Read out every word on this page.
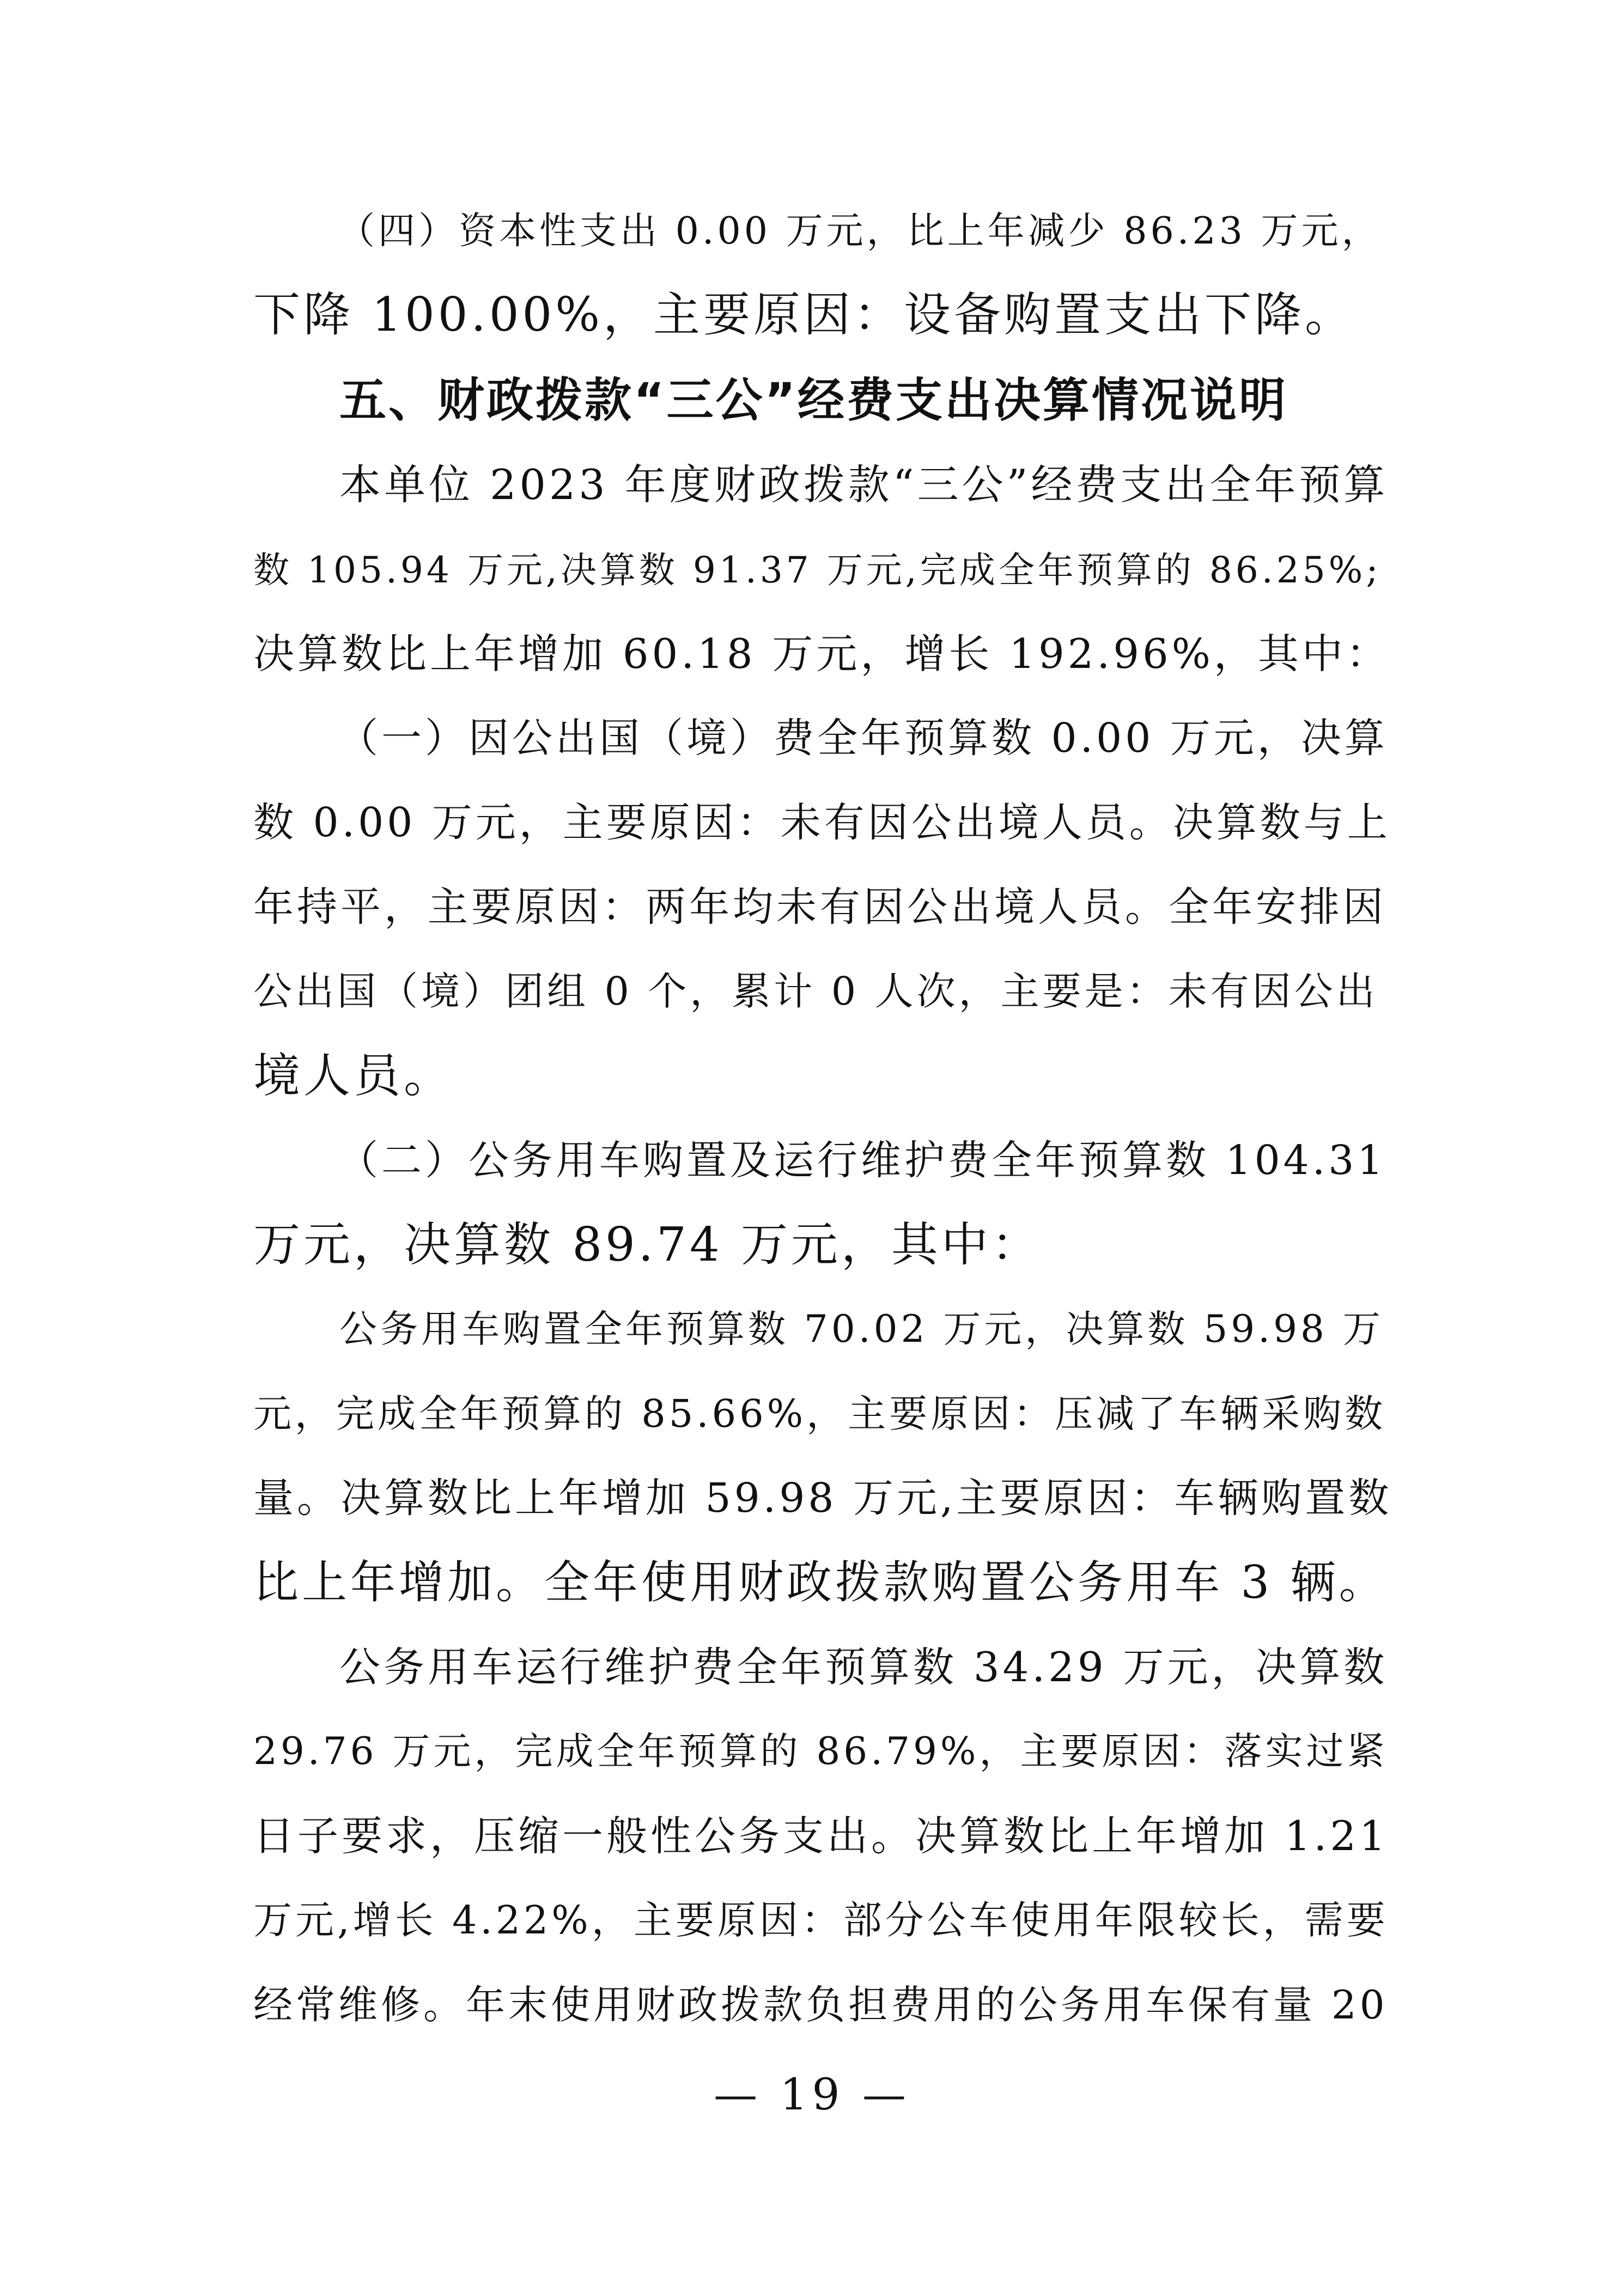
（四）资本性支出 0.00 万元，比上年减少 86.23 万元，
下降 100.00%，主要原因：设备购置支出下降。
五、财政拨款“三公”经费支出决算情况说明
本单位 2023 年度财政拨款“三公”经费支出全年预算
数 105.94 万元,决算数 91.37 万元,完成全年预算的 86.25%;
决算数比上年增加 60.18 万元，增长 192.96%，其中：
（一）因公出国（境）费全年预算数 0.00 万元，决算
数 0.00 万元，主要原因：未有因公出境人员。决算数与上
年持平，主要原因：两年均未有因公出境人员。全年安排因
公出国（境）团组 0 个，累计 0 人次，主要是：未有因公出
境人员。
（二）公务用车购置及运行维护费全年预算数 104.31
万元，决算数 89.74 万元，其中：
公务用车购置全年预算数 70.02 万元，决算数 59.98 万
元，完成全年预算的 85.66%，主要原因：压减了车辆采购数
量。决算数比上年增加 59.98 万元,主要原因：车辆购置数
比上年增加。全年使用财政拨款购置公务用车 3 辆。
公务用车运行维护费全年预算数 34.29 万元，决算数
29.76 万元，完成全年预算的 86.79%，主要原因：落实过紧
日子要求，压缩一般性公务支出。决算数比上年增加 1.21
万元,增长 4.22%，主要原因：部分公车使用年限较长，需要
经常维修。年末使用财政拨款负担费用的公务用车保有量 20
— 19 —
